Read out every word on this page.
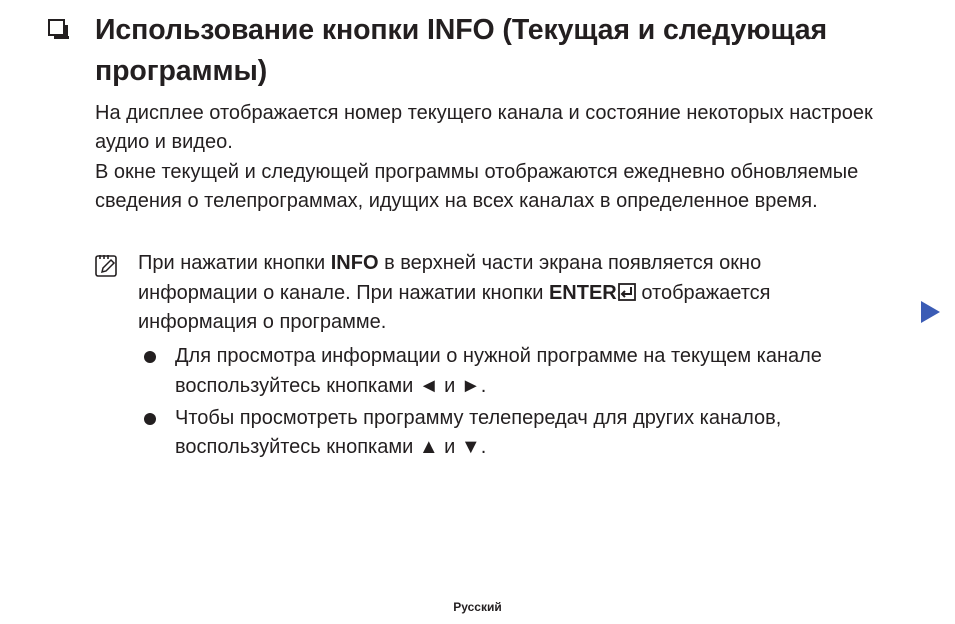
Использование кнопки INFO (Текущая и следующая программы)

На дисплее отображается номер текущего канала и состояние некоторых настроек аудио и видео.

В окне текущей и следующей программы отображаются ежедневно обновляемые сведения о телепрограммах, идущих на всех каналах в определенное время.

При нажатии кнопки INFO в верхней части экрана появляется окно информации о канале. При нажатии кнопки ENTER отображается информация о программе.

Для просмотра информации о нужной программе на текущем канале воспользуйтесь кнопками ◄ и ►.
Чтобы просмотреть программу телепередач для других каналов, воспользуйтесь кнопками ▲ и ▼.
Русский
